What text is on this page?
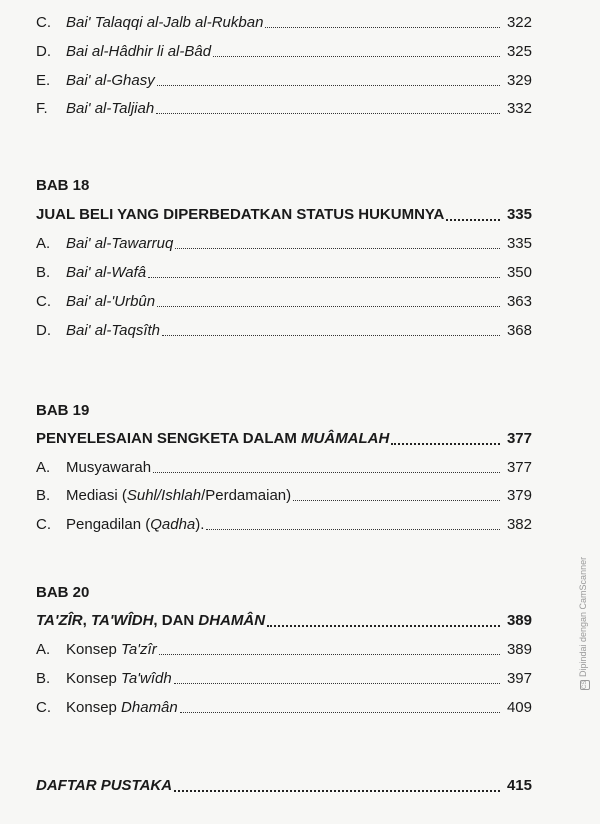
C.	Bai' Talaqqi al-Jalb al-Rukban	322
D.	Bai al-Hâdhir li al-Bâd	325
E.	Bai' al-Ghasy	329
F.	Bai' al-Taljiah	332
BAB 18
JUAL BELI YANG DIPERBEDATKAN STATUS HUKUMNYA	335
A.	Bai' al-Tawarruq	335
B.	Bai' al-Wafâ	350
C.	Bai' al-'Urbûn	363
D.	Bai' al-Taqsîth	368
BAB 19
PENYELESAIAN SENGKETA DALAM MUÂMALAH	377
A.	Musyawarah	377
B.	Mediasi (Suhl/Ishlah/Perdamaian)	379
C.	Pengadilan (Qadha).	382
BAB 20
TA'ZÎR, TA'WÎDH, DAN DHAMÂN	389
A.	Konsep Ta'zîr	389
B.	Konsep Ta'wîdh	397
C.	Konsep Dhamân	409
DAFTAR PUSTAKA	415
CSDipindai dengan CamScanner
